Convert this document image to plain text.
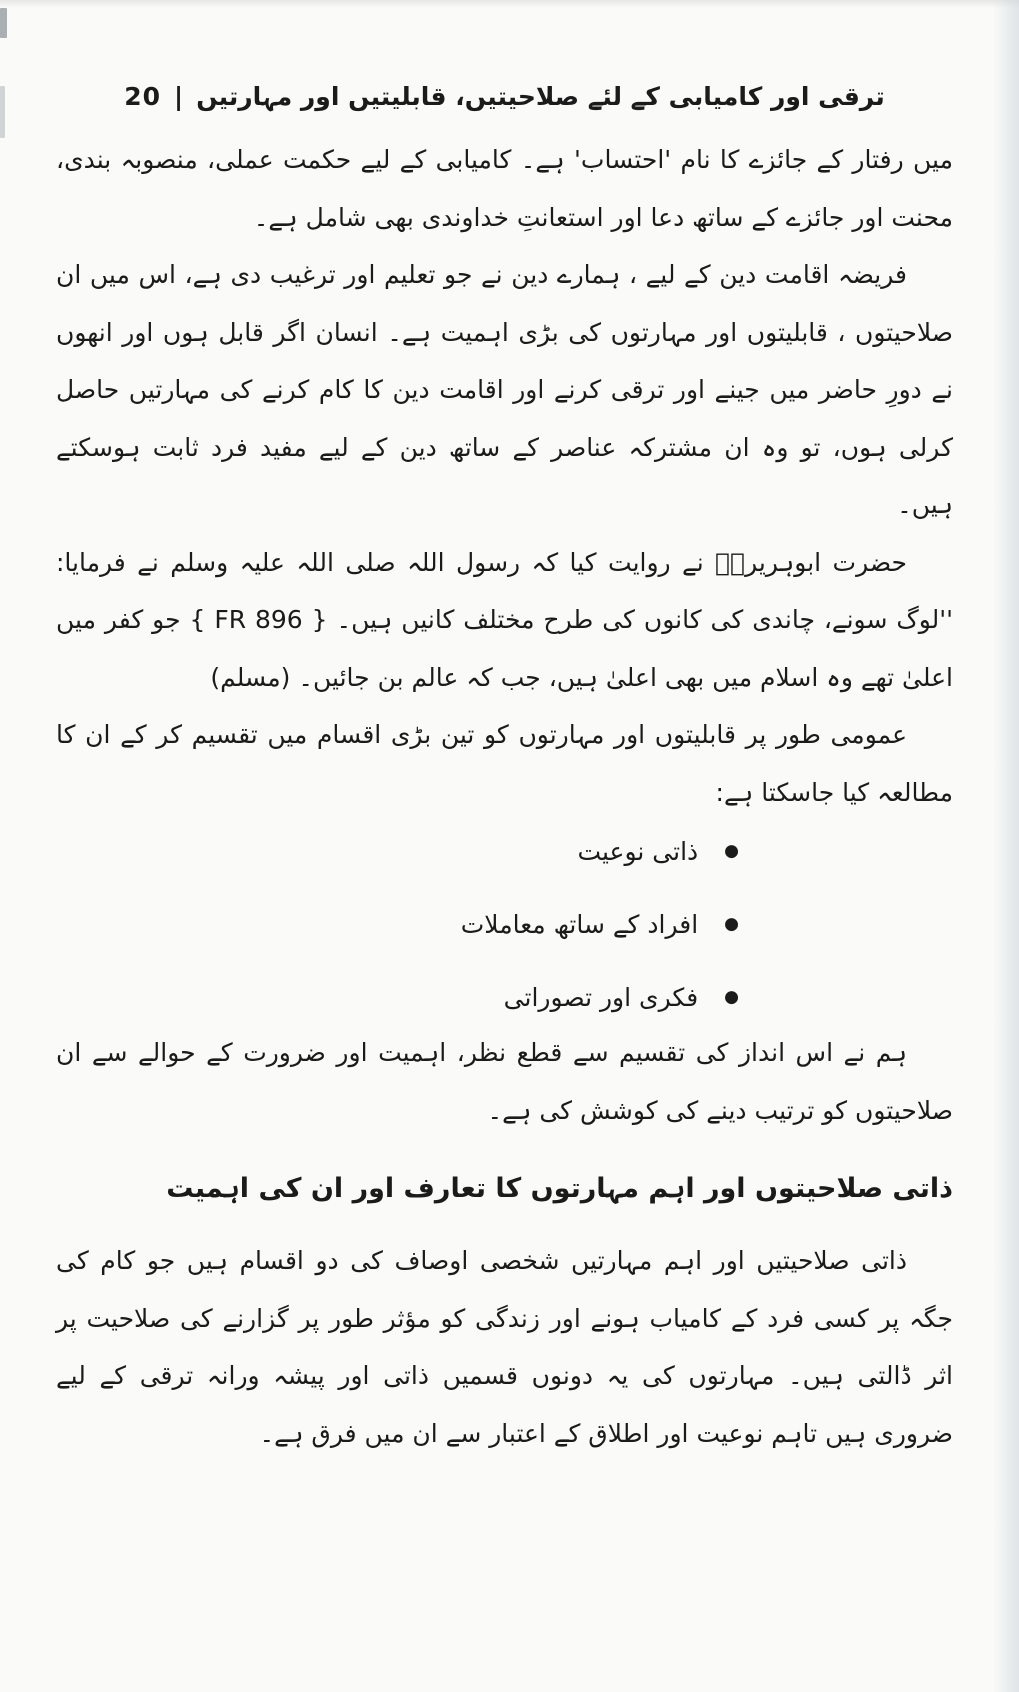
ترقی اور کامیابی کے لئے صلاحیتیں، قابلیتیں اور مہارتیں
|
20

میں رفتار کے جائزے کا نام 'احتساب' ہے۔ کامیابی کے لیے حکمت عملی، منصوبہ بندی، محنت اور جائزے کے ساتھ دعا اور استعانتِ خداوندی بھی شامل ہے۔

فریضہ اقامت دین کے لیے ، ہمارے دین نے جو تعلیم اور ترغیب دی ہے، اس میں ان صلاحیتوں ، قابلیتوں اور مہارتوں کی بڑی اہمیت ہے۔ انسان اگر قابل ہوں اور انھوں نے دورِ حاضر میں جینے اور ترقی کرنے اور اقامت دین کا کام کرنے کی مہارتیں حاصل کرلی ہوں، تو وہ ان مشترکہ عناصر کے ساتھ دین کے لیے مفید فرد ثابت ہوسکتے ہیں۔

حضرت ابوہریرہؓ نے روایت کیا کہ رسول اللہ صلی اللہ علیہ وسلم نے فرمایا: ''لوگ سونے، چاندی کی کانوں کی طرح مختلف کانیں ہیں۔ { FR 896 } جو کفر میں اعلیٰ تھے وہ اسلام میں بھی اعلیٰ ہیں، جب کہ عالم بن جائیں۔ (مسلم)

عمومی طور پر قابلیتوں اور مہارتوں کو تین بڑی اقسام میں تقسیم کر کے ان کا مطالعہ کیا جاسکتا ہے:

●
ذاتی نوعیت
●
افراد کے ساتھ معاملات
●
فکری اور تصوراتی

ہم نے اس انداز کی تقسیم سے قطع نظر، اہمیت اور ضرورت کے حوالے سے ان صلاحیتوں کو ترتیب دینے کی کوشش کی ہے۔

ذاتی صلاحیتوں اور اہم مہارتوں کا تعارف اور ان کی اہمیت

ذاتی صلاحیتیں اور اہم مہارتیں شخصی اوصاف کی دو اقسام ہیں جو کام کی جگہ پر کسی فرد کے کامیاب ہونے اور زندگی کو مؤثر طور پر گزارنے کی صلاحیت پر اثر ڈالتی ہیں۔ مہارتوں کی یہ دونوں قسمیں ذاتی اور پیشہ ورانہ ترقی کے لیے ضروری ہیں تاہم نوعیت اور اطلاق کے اعتبار سے ان میں فرق ہے۔
